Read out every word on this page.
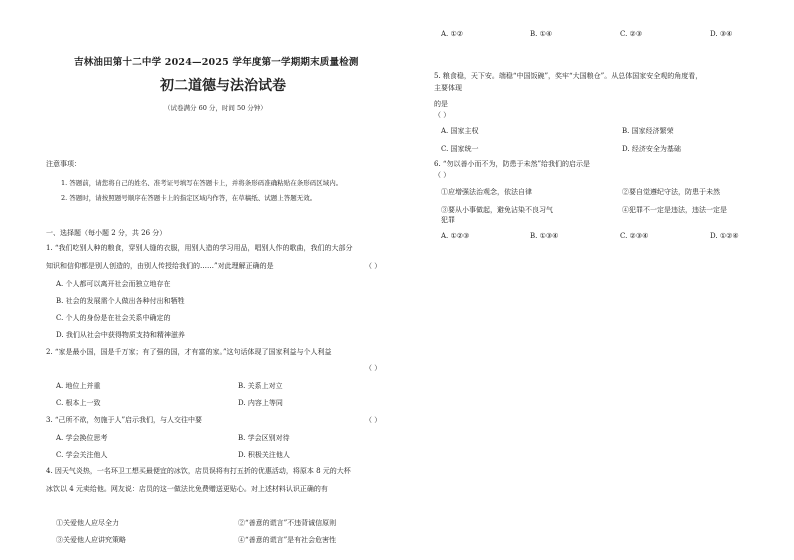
吉林油田第十二中学 2024—2025 学年度第一学期期末质量检测
初二道德与法治试卷
（试卷满分 60 分，时间 50 分钟）
注意事项：
1. 答题前，请您将自己的姓名、准考证号填写在答题卡上，并将条形码准确粘贴在条形码区域内。
2. 答题时，请按照题号顺序在答题卡上的指定区域内作答，在草稿纸、试题上答题无效。
一、选择题（每小题 2 分，共 26 分）
1. “我们吃别人种的粮食，穿别人缝的衣服，用别人造的学习用品，唱别人作的歌曲，我们的大部分
知识和信仰都是别人创造的，由别人传授给我们的……”对此理解正确的是	（ ）
A. 个人都可以离开社会而独立地存在
B. 社会的发展需个人做出各种付出和牺牲
C. 个人的身份是在社会关系中确定的
D. 我们从社会中获得物质支持和精神滋养
2. “家是最小国，国是千万家；有了强的国，才有富的家。”这句话体现了国家利益与个人利益
（ ）
A. 地位上并重	B. 关系上对立
C. 根本上一致	D. 内容上等同
3. “己所不欲，勿施于人”启示我们，与人交往中要	（ ）
A. 学会换位思考	B. 学会区别对待
C. 学会关注他人	D. 积极关注他人
4. 因天气炎热，一名环卫工想买最便宜的冰饮，店员误将有打五折的优惠活动，将原本 8 元的大杯
冰饮以 4 元卖给他。网友说：店员的这一做法比免费赠送更贴心。对上述材料认识正确的有
①关爱他人应尽全力	②“善意的谎言”不违背诚信原则
③关爱他人应讲究策略	④“善意的谎言”是有社会危害性
A. ①②	B. ①④	C. ②③	D. ③④
5. 粮食稳，天下安。端稳“中国饭碗”，奖牢“大国粮仓”。从总体国家安全观的角度看，
主要体现
的是
（ ）
A. 国家主权	B. 国家经济繁荣
C. 国家统一	D. 经济安全为基础
6. “勿以善小而不为，防患于未然”给我们的启示是
（ ）
①应增强法治观念，依法自律	②要自觉遵纪守法，防患于未然
③要从小事做起，避免沾染不良习气	④犯罪不一定是违法，违法一定是
犯罪
A. ①②③	B. ①③④	C. ②③④	D. ①②④
